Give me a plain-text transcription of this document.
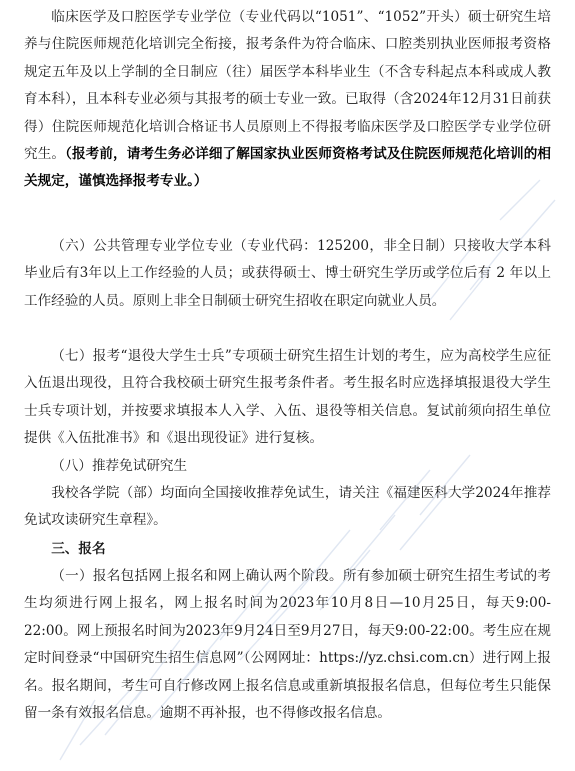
临床医学及口腔医学专业学位（专业代码以“1051”、“1052”开头）硕士研究生培养与住院医师规范化培训完全衔接，报考条件为符合临床、口腔类别执业医师报考资格规定五年及以上学制的全日制应（往）届医学本科毕业生（不含专科起点本科或成人教育本科），且本科专业必须与其报考的硕士专业一致。已取得（含2024年12月31日前获得）住院医师规范化培训合格证书人员原则上不得报考临床医学及口腔医学专业学位研究生。（报考前，请考生务必详细了解国家执业医师资格考试及住院医师规范化培训的相关规定，谨慎选择报考专业。）

（六）公共管理专业学位专业（专业代码：125200，非全日制）只接收大学本科毕业后有3年以上工作经验的人员；或获得硕士、博士研究生学历或学位后有 2 年以上工作经验的人员。原则上非全日制硕士研究生招收在职定向就业人员。

（七）报考“退役大学生士兵”专项硕士研究生招生计划的考生，应为高校学生应征入伍退出现役，且符合我校硕士研究生报考条件者。考生报名时应选择填报退役大学生士兵专项计划，并按要求填报本人入学、入伍、退役等相关信息。复试前须向招生单位提供《入伍批准书》和《退出现役证》进行复核。

（八）推荐免试研究生

我校各学院（部）均面向全国接收推荐免试生，请关注《福建医科大学2024年推荐免试攻读研究生章程》。

三、报名

（一）报名包括网上报名和网上确认两个阶段。所有参加硕士研究生招生考试的考生均须进行网上报名，网上报名时间为2023年10月8日—10月25日，每天9:00-22:00。网上预报名时间为2023年9月24日至9月27日，每天9:00-22:00。考生应在规定时间登录“中国研究生招生信息网”（公网网址：https://yz.chsi.com.cn）进行网上报名。报名期间，考生可自行修改网上报名信息或重新填报报名信息，但每位考生只能保留一条有效报名信息。逾期不再补报，也不得修改报名信息。
